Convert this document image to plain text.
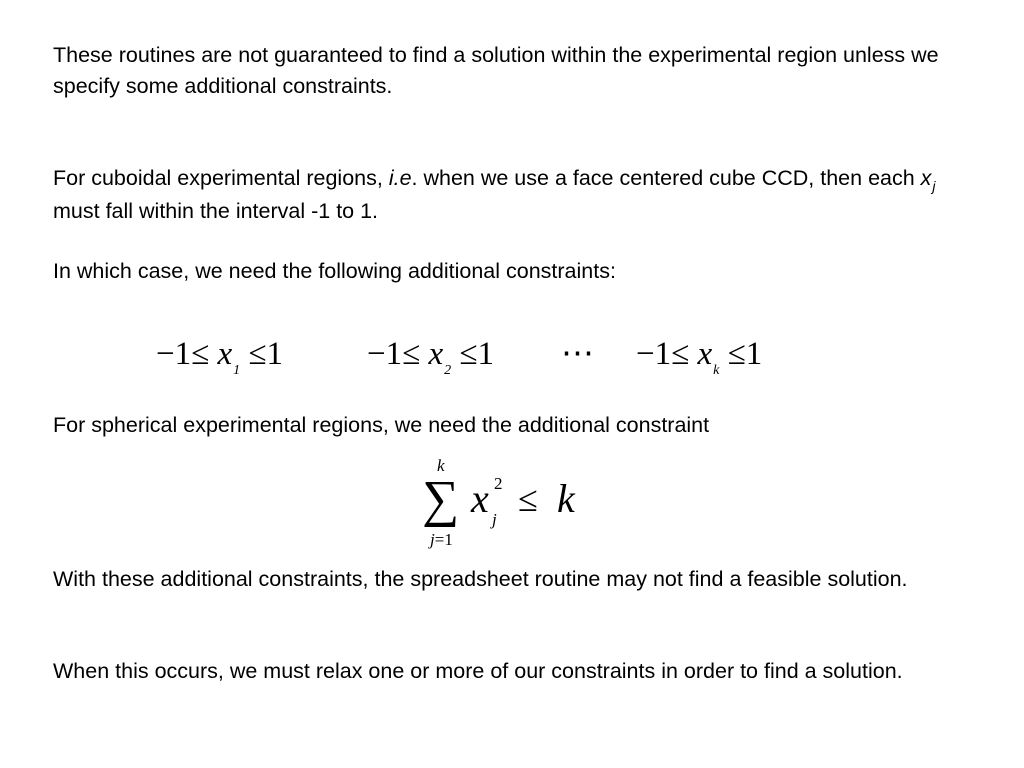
These routines are not guaranteed to find a solution within the experimental region unless we specify some additional constraints.

For cuboidal experimental regions, i.e. when we use a face centered cube CCD, then each $x_j$ must fall within the interval -1 to 1.

In which case, we need the following additional constraints:

$-1\le x_1 \le 1$	$-1\le x_2 \le 1$ ⋯ $-1\le x_k \le 1$

For spherical experimental regions, we need the additional constraint

k
∑
j=1
x 2
j
≤ k

With these additional constraints, the spreadsheet routine may not find a feasible solution.

When this occurs, we must relax one or more of our constraints in order to find a solution.
